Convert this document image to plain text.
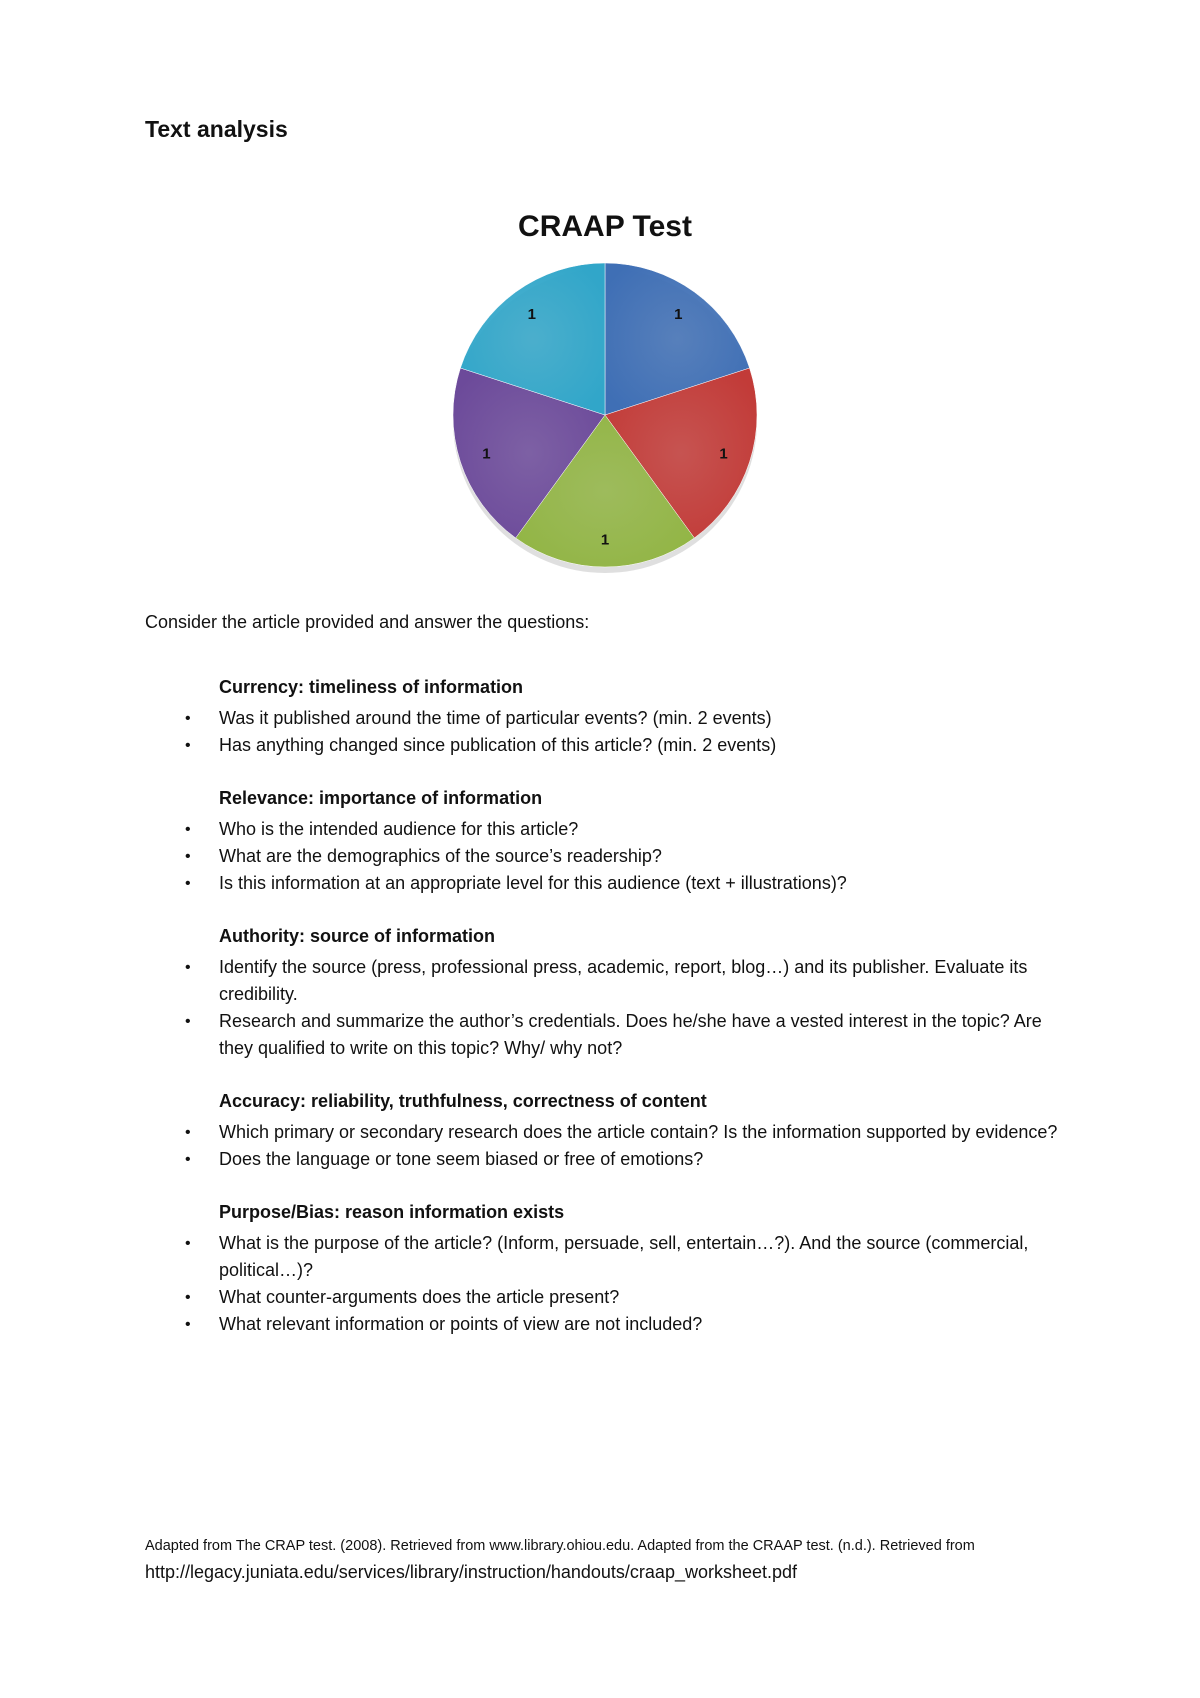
Text analysis
CRAAP Test
1
1
1
1
1

Consider the article provided and answer the questions:

Currency: timeliness of information
• Was it published around the time of particular events? (min. 2 events)
• Has anything changed since publication of this article? (min. 2 events)
Relevance: importance of information
• Who is the intended audience for this article?
• What are the demographics of the source’s readership?
• Is this information at an appropriate level for this audience (text + illustrations)?
Authority: source of information
• Identify the source (press, professional press, academic, report, blog…) and its publisher. Evaluate its credibility.
• Research and summarize the author’s credentials. Does he/she have a vested interest in the topic? Are they qualified to write on this topic? Why/ why not?
Accuracy: reliability, truthfulness, correctness of content
• Which primary or secondary research does the article contain? Is the information supported by evidence?
• Does the language or tone seem biased or free of emotions?
Purpose/Bias: reason information exists
• What is the purpose of the article? (Inform, persuade, sell, entertain…?). And the source (commercial, political…)?
• What counter-arguments does the article present?
• What relevant information or points of view are not included?
Adapted from The CRAP test. (2008). Retrieved from www.library.ohiou.edu. Adapted from the CRAAP test. (n.d.). Retrieved from http://legacy.juniata.edu/services/library/instruction/handouts/craap_worksheet.pdf
